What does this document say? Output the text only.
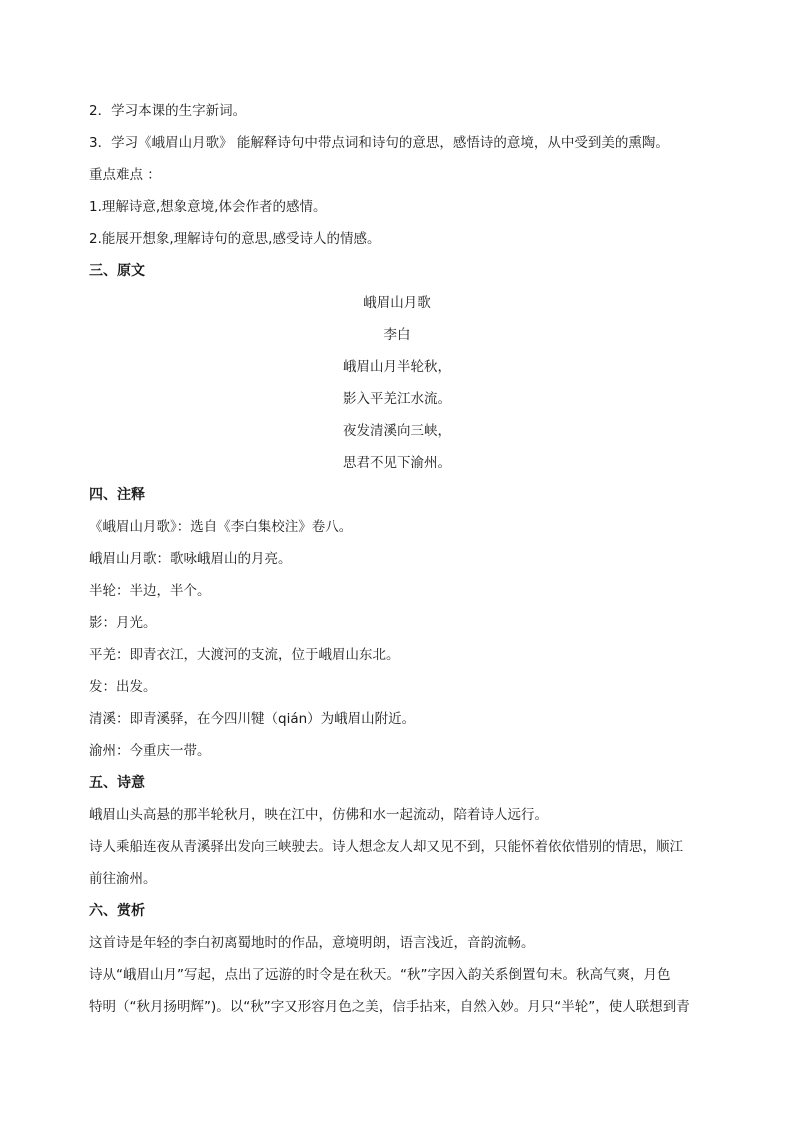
2．学习本课的生字新词。
3．学习《峨眉山月歌》 能解释诗句中带点词和诗句的意思，感悟诗的意境，从中受到美的熏陶。
重点难点 ：
1.理解诗意,想象意境,体会作者的感情。
2.能展开想象,理解诗句的意思,感受诗人的情感。
三、原文
峨眉山月歌
李白
峨眉山月半轮秋，
影入平羌江水流。
夜发清溪向三峡，
思君不见下渝州。
四、注释
《峨眉山月歌》：选自《李白集校注》卷八。
峨眉山月歌：歌咏峨眉山的月亮。
半轮：半边，半个。
影：月光。
平羌：即青衣江，大渡河的支流，位于峨眉山东北。
发：出发。
清溪：即青溪驿，在今四川犍（qián）为峨眉山附近。
渝州：今重庆一带。
五、诗意
峨眉山头高悬的那半轮秋月，映在江中，仿佛和水一起流动，陪着诗人远行。
诗人乘船连夜从青溪驿出发向三峡驶去。诗人想念友人却又见不到，只能怀着依依惜别的情思，顺江
前往渝州。
六、赏析
这首诗是年轻的李白初离蜀地时的作品，意境明朗，语言浅近，音韵流畅。
诗从“峨眉山月”写起，点出了远游的时令是在秋天。“秋”字因入韵关系倒置句末。秋高气爽，月色
特明（“秋月扬明辉”)。以“秋”字又形容月色之美，信手拈来，自然入妙。月只“半轮”，使人联想到青
